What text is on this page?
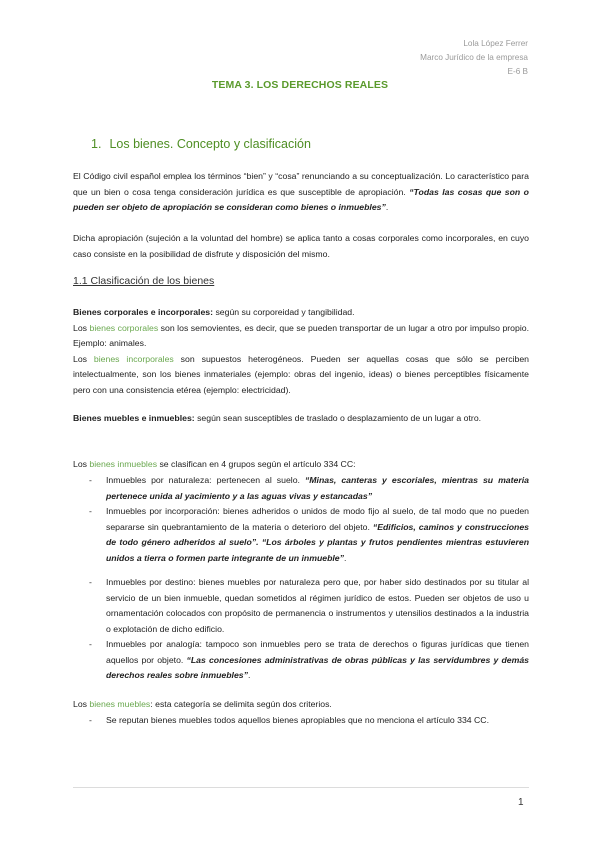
Lola López Ferrer
Marco Jurídico de la empresa
E-6 B
TEMA 3. LOS DERECHOS REALES
1. Los bienes. Concepto y clasificación
El Código civil español emplea los términos “bien” y “cosa” renunciando a su conceptualización. Lo característico para que un bien o cosa tenga consideración jurídica es que susceptible de apropiación. “Todas las cosas que son o pueden ser objeto de apropiación se consideran como bienes o inmuebles”.
Dicha apropiación (sujeción a la voluntad del hombre) se aplica tanto a cosas corporales como incorporales, en cuyo caso consiste en la posibilidad de disfrute y disposición del mismo.
1.1 Clasificación de los bienes
Bienes corporales e incorporales: según su corporeidad y tangibilidad.
Los bienes corporales son los semovientes, es decir, que se pueden transportar de un lugar a otro por impulso propio. Ejemplo: animales.
Los bienes incorporales son supuestos heterogéneos. Pueden ser aquellas cosas que sólo se perciben intelectualmente, son los bienes inmateriales (ejemplo: obras del ingenio, ideas) o bienes perceptibles físicamente pero con una consistencia etérea (ejemplo: electricidad).
Bienes muebles e inmuebles: según sean susceptibles de traslado o desplazamiento de un lugar a otro.
Los bienes inmuebles se clasifican en 4 grupos según el artículo 334 CC:
- Inmuebles por naturaleza: pertenecen al suelo. “Minas, canteras y escoriales, mientras su materia pertenece unida al yacimiento y a las aguas vivas y estancadas”
- Inmuebles por incorporación: bienes adheridos o unidos de modo fijo al suelo, de tal modo que no pueden separarse sin quebrantamiento de la materia o deterioro del objeto. “Edificios, caminos y construcciones de todo género adheridos al suelo”. “Los árboles y plantas y frutos pendientes mientras estuvieren unidos a tierra o formen parte integrante de un inmueble”.
- Inmuebles por destino: bienes muebles por naturaleza pero que, por haber sido destinados por su titular al servicio de un bien inmueble, quedan sometidos al régimen jurídico de estos. Pueden ser objetos de uso u ornamentación colocados con propósito de permanencia o instrumentos y utensilios destinados a la industria o explotación de dicho edificio.
- Inmuebles por analogía: tampoco son inmuebles pero se trata de derechos o figuras jurídicas que tienen aquellos por objeto. “Las concesiones administrativas de obras públicas y las servidumbres y demás derechos reales sobre inmuebles”.
Los bienes muebles: esta categoría se delimita según dos criterios.
- Se reputan bienes muebles todos aquellos bienes apropiables que no menciona el artículo 334 CC.
1
